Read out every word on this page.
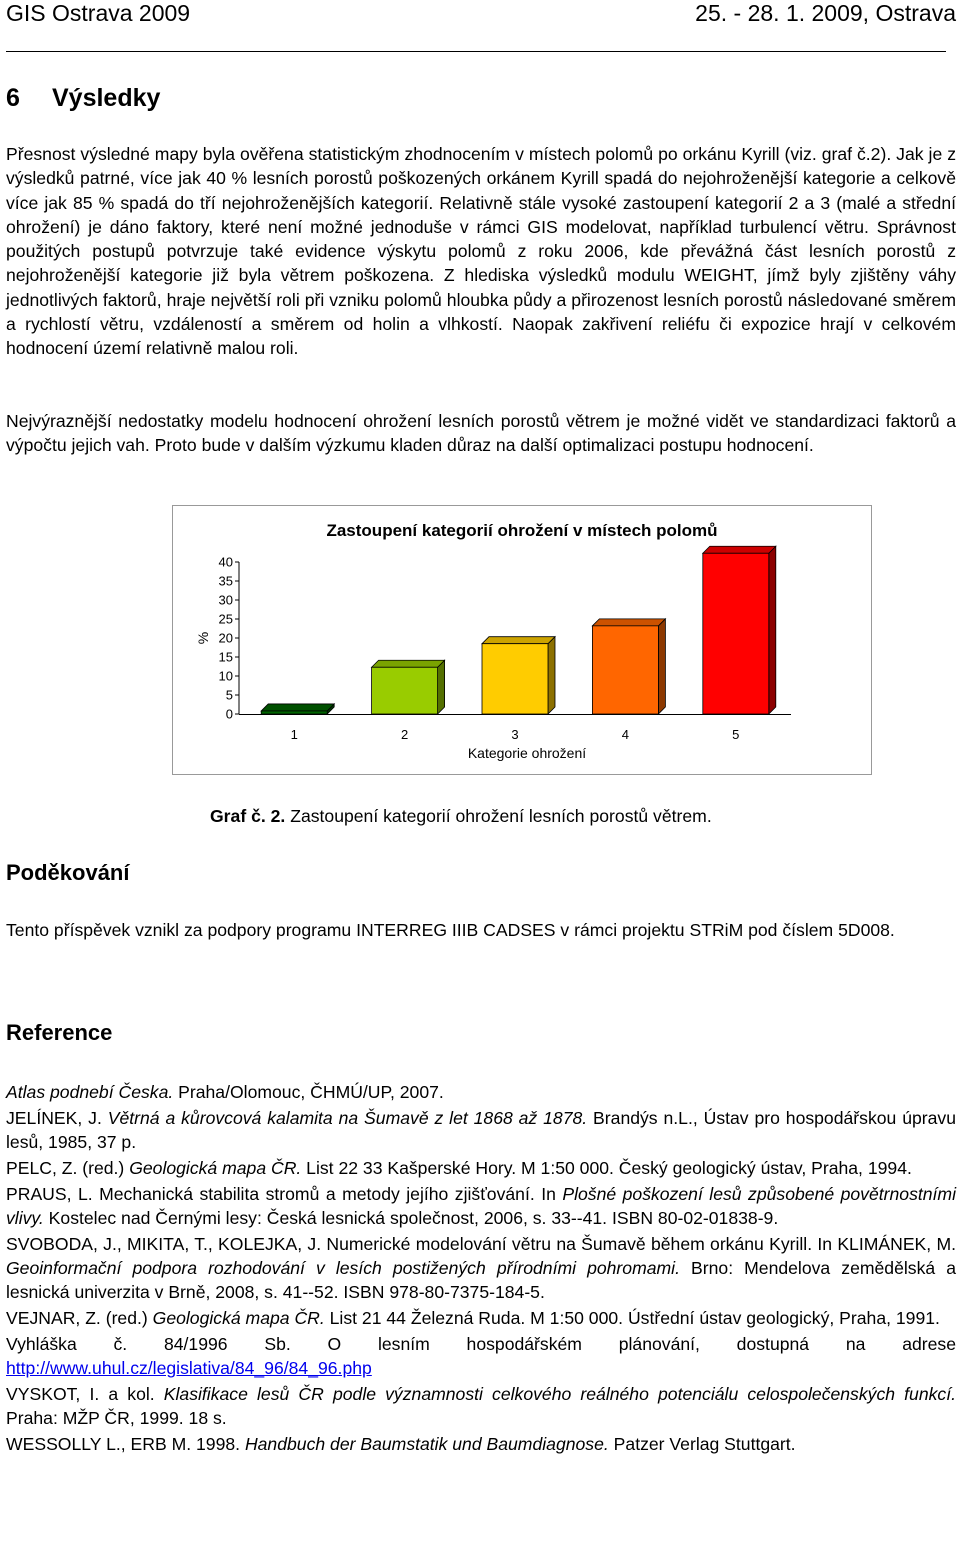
GIS Ostrava 2009	25. - 28. 1. 2009, Ostrava
6 Výsledky
Přesnost výsledné mapy byla ověřena statistickým zhodnocením v místech polomů po orkánu Kyrill (viz. graf č.2). Jak je z výsledků patrné, více jak 40 % lesních porostů poškozených orkánem Kyrill spadá do nejohroženější kategorie a celkově více jak 85 % spadá do tří nejohroženějších kategorií. Relativně stále vysoké zastoupení kategorií 2 a 3 (malé a střední ohrožení) je dáno faktory, které není možné jednoduše v rámci GIS modelovat, například turbulencí větru. Správnost použitých postupů potvrzuje také evidence výskytu polomů z roku 2006, kde převážná část lesních porostů z nejohroženější kategorie již byla větrem poškozena. Z hlediska výsledků modulu WEIGHT, jímž byly zjištěny váhy jednotlivých faktorů, hraje největší roli při vzniku polomů hloubka půdy a přirozenost lesních porostů následované směrem a rychlostí větru, vzdáleností a směrem od holin a vlhkostí. Naopak zakřivení reliéfu či expozice hrají v celkovém hodnocení území relativně malou roli.
Nejvýraznější nedostatky modelu hodnocení ohrožení lesních porostů větrem je možné vidět ve standardizaci faktorů a výpočtu jejich vah. Proto bude v dalším výzkumu kladen důraz na další optimalizaci postupu hodnocení.
Zastoupení kategorií ohrožení v místech polomů
0
5
10
15
20
25
30
35
40
%
1	2	3	4	5
Kategorie ohrožení
Graf č. 2. Zastoupení kategorií ohrožení lesních porostů větrem.
Poděkování
Tento příspěvek vznikl za podpory programu INTERREG IIIB CADSES v rámci projektu STRiM pod číslem 5D008.
Reference
Atlas podnebí Česka. Praha/Olomouc, ČHMÚ/UP, 2007.
JELÍNEK, J. Větrná a kůrovcová kalamita na Šumavě z let 1868 až 1878. Brandýs n.L., Ústav pro hospodářskou úpravu lesů, 1985, 37 p.
PELC, Z. (red.) Geologická mapa ČR. List 22 33 Kašperské Hory. M 1:50 000. Český geologický ústav, Praha, 1994.
PRAUS, L. Mechanická stabilita stromů a metody jejího zjišťování. In Plošné poškození lesů způsobené povětrnostními vlivy. Kostelec nad Černými lesy: Česká lesnická společnost, 2006, s. 33--41. ISBN 80-02-01838-9.
SVOBODA, J., MIKITA, T., KOLEJKA, J. Numerické modelování větru na Šumavě během orkánu Kyrill. In KLIMÁNEK, M. Geoinformační podpora rozhodování v lesích postižených přírodními pohromami. Brno: Mendelova zemědělská a lesnická univerzita v Brně, 2008, s. 41--52. ISBN 978-80-7375-184-5.
VEJNAR, Z. (red.) Geologická mapa ČR. List 21 44 Železná Ruda. M 1:50 000. Ústřední ústav geologický, Praha, 1991.
Vyhláška č. 84/1996 Sb. O lesním hospodářském plánování, dostupná na adrese http://www.uhul.cz/legislativa/84_96/84_96.php
VYSKOT, I. a kol. Klasifikace lesů ČR podle významnosti celkového reálného potenciálu celospolečenských funkcí. Praha: MŽP ČR, 1999. 18 s.
WESSOLLY L., ERB M. 1998. Handbuch der Baumstatik und Baumdiagnose. Patzer Verlag Stuttgart.
